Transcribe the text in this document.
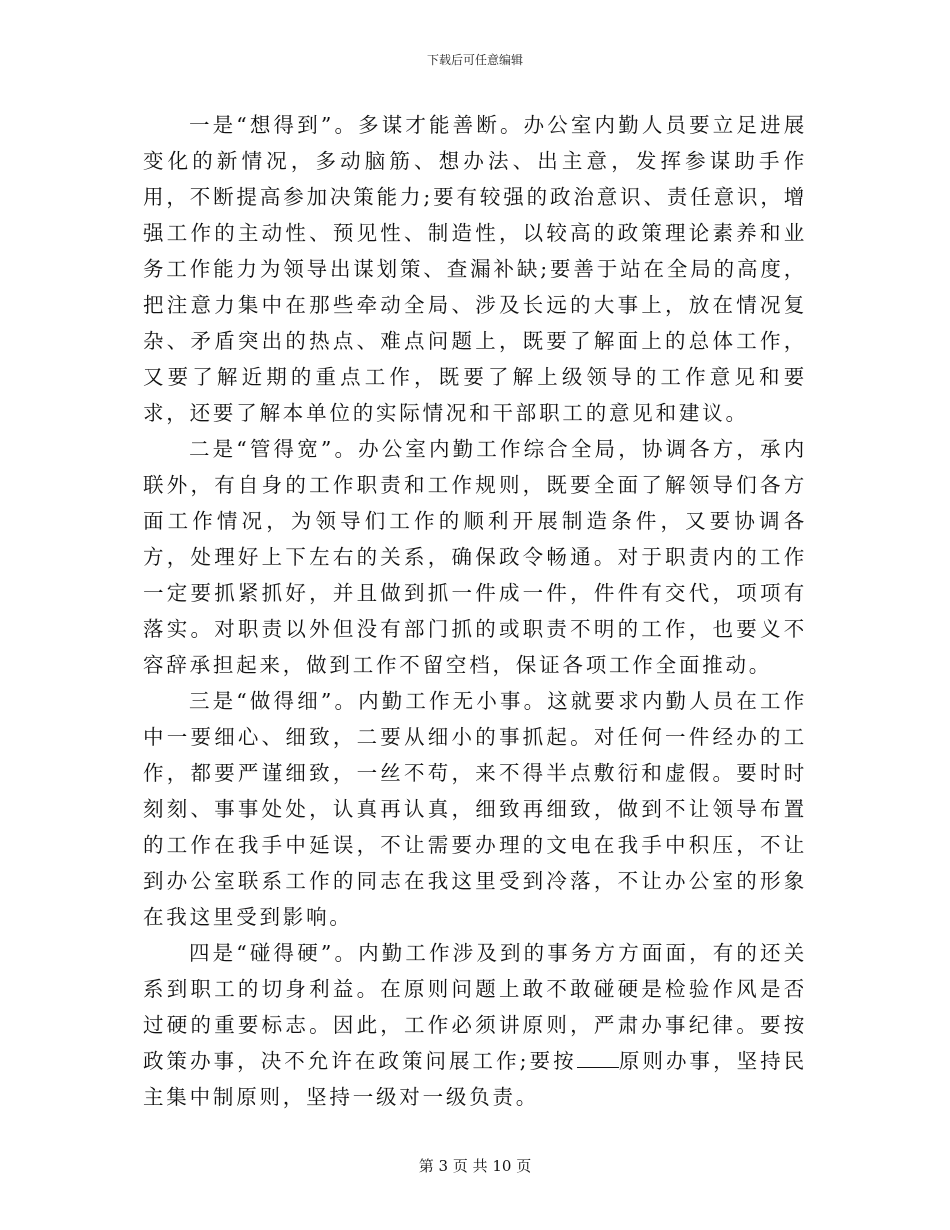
下载后可任意编辑

一是“想得到”。多谋才能善断。办公室内勤人员要立足进展变化的新情况，多动脑筋、想办法、出主意，发挥参谋助手作用，不断提高参加决策能力;要有较强的政治意识、责任意识，增强工作的主动性、预见性、制造性，以较高的政策理论素养和业务工作能力为领导出谋划策、查漏补缺;要善于站在全局的高度，把注意力集中在那些牵动全局、涉及长远的大事上，放在情况复杂、矛盾突出的热点、难点问题上，既要了解面上的总体工作，又要了解近期的重点工作，既要了解上级领导的工作意见和要求，还要了解本单位的实际情况和干部职工的意见和建议。

二是“管得宽”。办公室内勤工作综合全局，协调各方，承内联外，有自身的工作职责和工作规则，既要全面了解领导们各方面工作情况，为领导们工作的顺利开展制造条件，又要协调各方，处理好上下左右的关系，确保政令畅通。对于职责内的工作一定要抓紧抓好，并且做到抓一件成一件，件件有交代，项项有落实。对职责以外但没有部门抓的或职责不明的工作，也要义不容辞承担起来，做到工作不留空档，保证各项工作全面推动。

三是“做得细”。内勤工作无小事。这就要求内勤人员在工作中一要细心、细致，二要从细小的事抓起。对任何一件经办的工作，都要严谨细致，一丝不苟，来不得半点敷衍和虚假。要时时刻刻、事事处处，认真再认真，细致再细致，做到不让领导布置的工作在我手中延误，不让需要办理的文电在我手中积压，不让到办公室联系工作的同志在我这里受到冷落，不让办公室的形象在我这里受到影响。

四是“碰得硬”。内勤工作涉及到的事务方方面面，有的还关系到职工的切身利益。在原则问题上敢不敢碰硬是检验作风是否过硬的重要标志。因此，工作必须讲原则，严肃办事纪律。要按政策办事，决不允许在政策问展工作;要按 原则办事，坚持民主集中制原则，坚持一级对一级负责。

第 3 页 共 10 页
